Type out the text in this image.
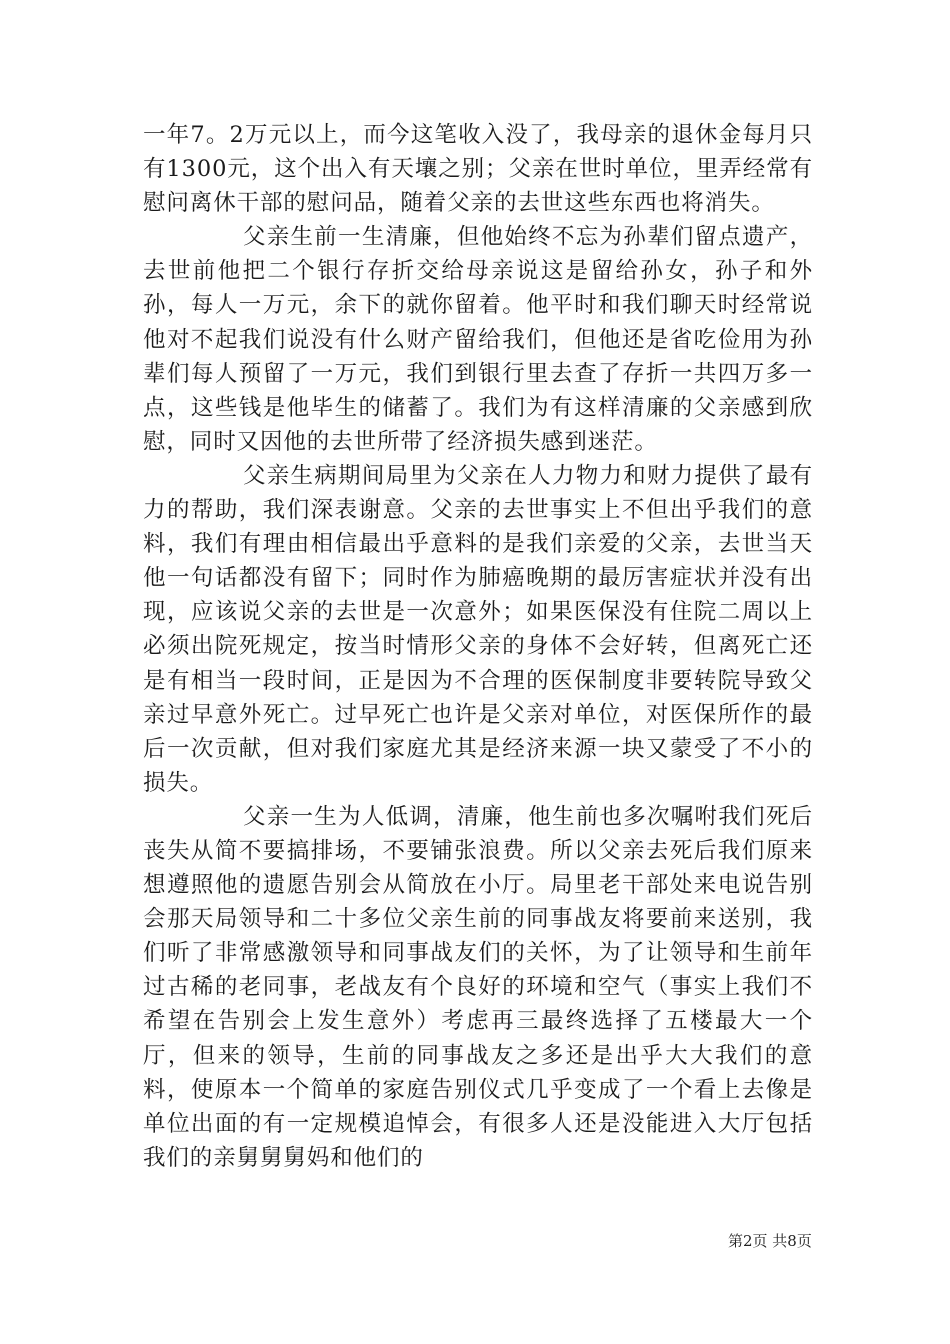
一年7。2万元以上，而今这笔收入没了，我母亲的退休金每月只有1300元，这个出入有天壤之别；父亲在世时单位，里弄经常有慰问离休干部的慰问品，随着父亲的去世这些东西也将消失。

父亲生前一生清廉，但他始终不忘为孙辈们留点遗产，去世前他把二个银行存折交给母亲说这是留给孙女，孙子和外孙，每人一万元，余下的就你留着。他平时和我们聊天时经常说他对不起我们说没有什么财产留给我们，但他还是省吃俭用为孙辈们每人预留了一万元，我们到银行里去查了存折一共四万多一点，这些钱是他毕生的储蓄了。我们为有这样清廉的父亲感到欣慰，同时又因他的去世所带了经济损失感到迷茫。

父亲生病期间局里为父亲在人力物力和财力提供了最有力的帮助，我们深表谢意。父亲的去世事实上不但出乎我们的意料，我们有理由相信最出乎意料的是我们亲爱的父亲，去世当天他一句话都没有留下；同时作为肺癌晚期的最厉害症状并没有出现，应该说父亲的去世是一次意外；如果医保没有住院二周以上必须出院死规定，按当时情形父亲的身体不会好转，但离死亡还是有相当一段时间，正是因为不合理的医保制度非要转院导致父亲过早意外死亡。过早死亡也许是父亲对单位，对医保所作的最后一次贡献，但对我们家庭尤其是经济来源一块又蒙受了不小的损失。

父亲一生为人低调，清廉，他生前也多次嘱咐我们死后丧失从简不要搞排场，不要铺张浪费。所以父亲去死后我们原来想遵照他的遗愿告别会从简放在小厅。局里老干部处来电说告别会那天局领导和二十多位父亲生前的同事战友将要前来送别，我们听了非常感激领导和同事战友们的关怀，为了让领导和生前年过古稀的老同事，老战友有个良好的环境和空气（事实上我们不希望在告别会上发生意外）考虑再三最终选择了五楼最大一个厅，但来的领导，生前的同事战友之多还是出乎大大我们的意料，使原本一个简单的家庭告别仪式几乎变成了一个看上去像是单位出面的有一定规模追悼会，有很多人还是没能进入大厅包括我们的亲舅舅舅妈和他们的

第2页 共8页
